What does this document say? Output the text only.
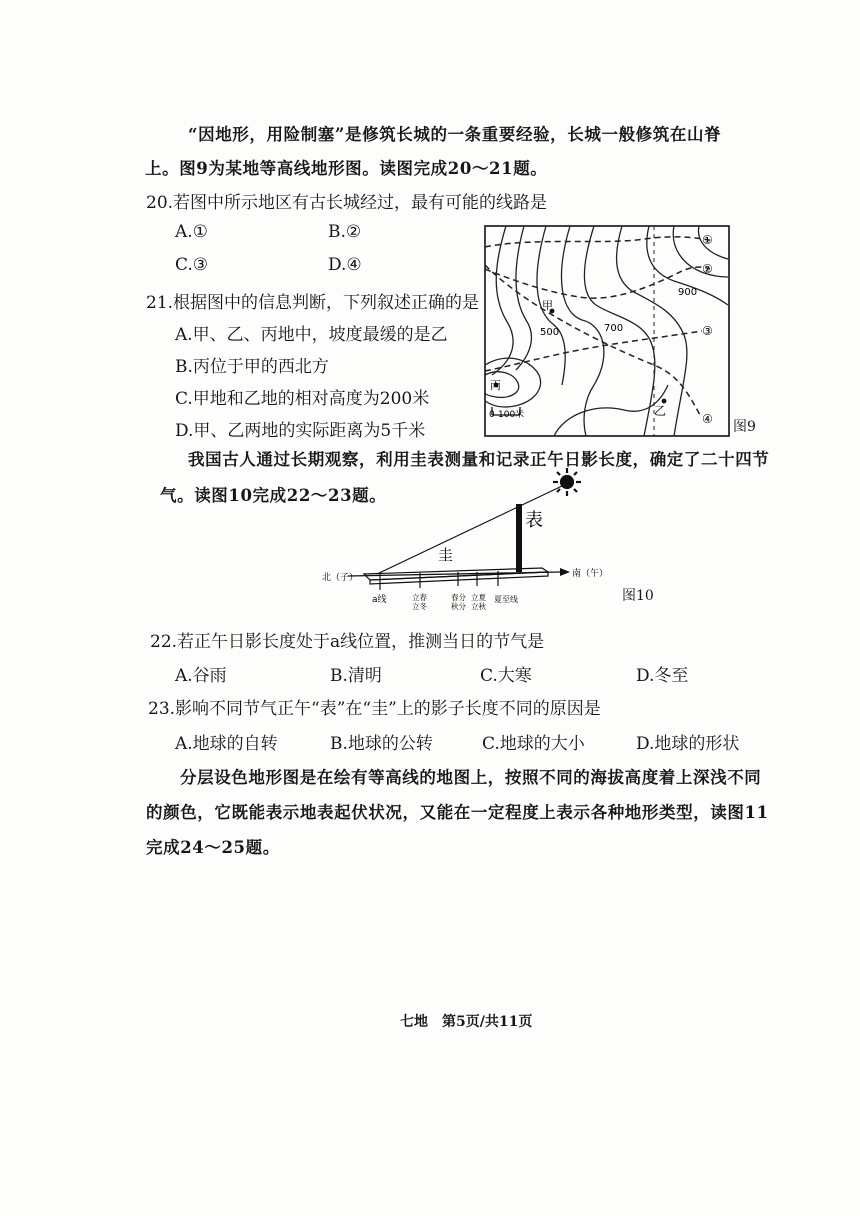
“因地形，用险制塞”是修筑长城的一条重要经验，长城一般修筑在山脊
上。图9为某地等高线地形图。读图完成20～21题。
20.若图中所示地区有古长城经过，最有可能的线路是
A.①	B.②
C.③	D.④
21.根据图中的信息判断，下列叙述正确的是
A.甲、乙、丙地中，坡度最缓的是乙
B.丙位于甲的西北方
C.甲地和乙地的相对高度为200米
D.甲、乙两地的实际距离为5千米
①
②
③
④
900
700
500
甲
乙
丙
0 100米
图9
我国古人通过长期观察，利用圭表测量和记录正午日影长度，确定了二十四节
气。读图10完成22～23题。
圭
表
北（子）	南（午）
a线	立春
立冬
春分
秋分
立夏
立秋
夏至线	图10
22.若正午日影长度处于a线位置，推测当日的节气是
A.谷雨	B.清明	C.大寒	D.冬至
23.影响不同节气正午“表”在“圭”上的影子长度不同的原因是
A.地球的自转	B.地球的公转	C.地球的大小	D.地球的形状
分层设色地形图是在绘有等高线的地图上，按照不同的海拔高度着上深浅不同
的颜色，它既能表示地表起伏状况，又能在一定程度上表示各种地形类型，读图11
完成24～25题。
七地　第5页/共11页
